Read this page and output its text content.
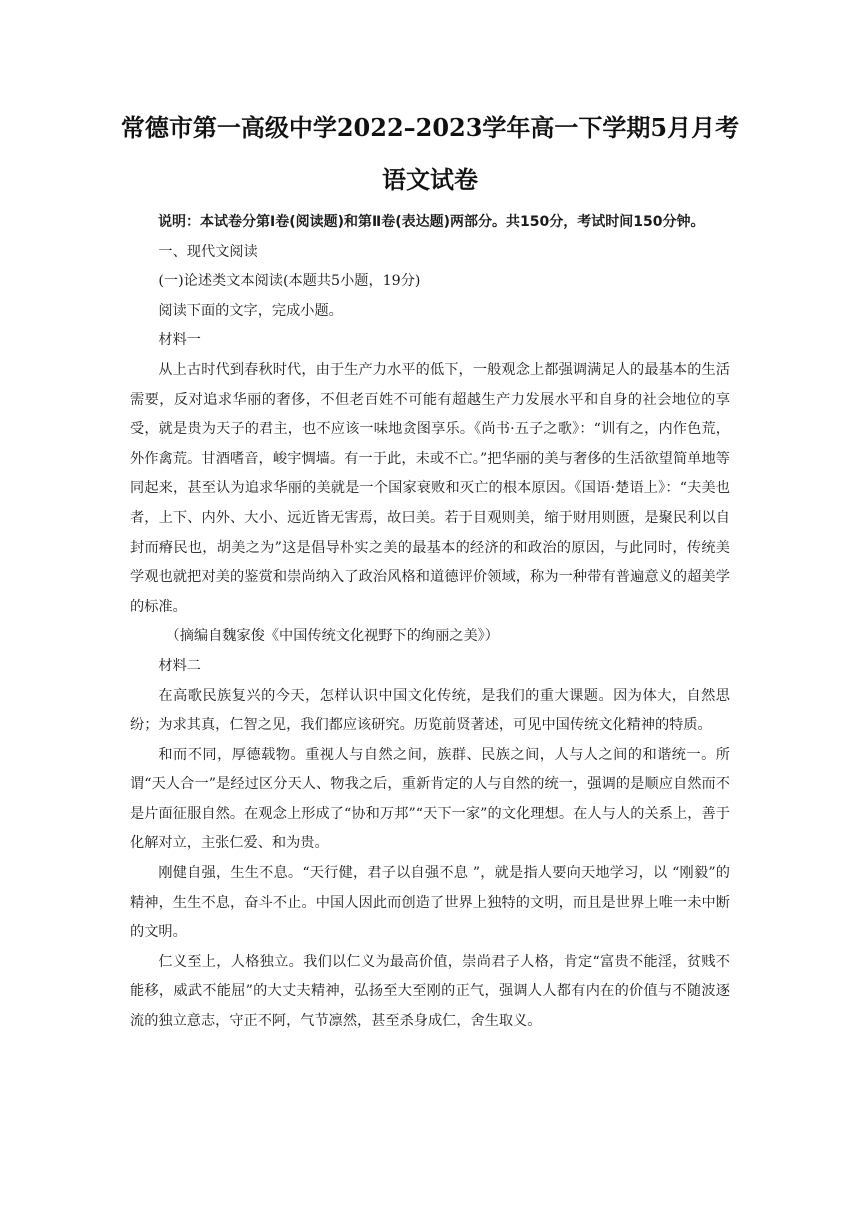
常德市第一高级中学2022–2023学年高一下学期5月月考
语文试卷

说明：本试卷分第Ⅰ卷(阅读题)和第Ⅱ卷(表达题)两部分。共150分，考试时间150分钟。

一、现代文阅读

(一)论述类文本阅读(本题共5小题，19分)

阅读下面的文字，完成小题。

材料一

从上古时代到春秋时代，由于生产力水平的低下，一般观念上都强调满足人的最基本的生活需要，反对追求华丽的奢侈，不但老百姓不可能有超越生产力发展水平和自身的社会地位的享受，就是贵为天子的君主，也不应该一味地贪图享乐。《尚书·五子之歌》：“训有之，内作色荒，外作禽荒。甘酒嗜音，峻宇惆墙。有一于此，未或不亡。”把华丽的美与奢侈的生活欲望简单地等同起来，甚至认为追求华丽的美就是一个国家衰败和灭亡的根本原因。《国语·楚语上》：“夫美也者，上下、内外、大小、远近皆无害焉，故曰美。若于目观则美，缩于财用则匮，是聚民利以自封而瘠民也，胡美之为”这是倡导朴实之美的最基本的经济的和政治的原因，与此同时，传统美学观也就把对美的鉴赏和崇尚纳入了政治风格和道德评价领域，称为一种带有普遍意义的超美学的标准。

（摘编自魏家俊《中国传统文化视野下的绚丽之美》）

材料二

在高歌民族复兴的今天，怎样认识中国文化传统，是我们的重大课题。因为体大，自然思纷；为求其真，仁智之见，我们都应该研究。历览前贤著述，可见中国传统文化精神的特质。

和而不同，厚德载物。重视人与自然之间，族群、民族之间，人与人之间的和谐统一。所谓“天人合一”是经过区分天人、物我之后，重新肯定的人与自然的统一，强调的是顺应自然而不是片面征服自然。在观念上形成了“协和万邦”“天下一家”的文化理想。在人与人的关系上，善于化解对立，主张仁爱、和为贵。

刚健自强，生生不息。“天行健，君子以自强不息 ”，就是指人要向天地学习，以 “刚毅”的精神，生生不息，奋斗不止。中国人因此而创造了世界上独特的文明，而且是世界上唯一未中断的文明。

仁义至上，人格独立。我们以仁义为最高价值，崇尚君子人格，肯定“富贵不能淫，贫贱不能移，威武不能屈”的大丈夫精神，弘扬至大至刚的正气，强调人人都有内在的价值与不随波逐流的独立意志，守正不阿，气节凛然，甚至杀身成仁，舍生取义。
